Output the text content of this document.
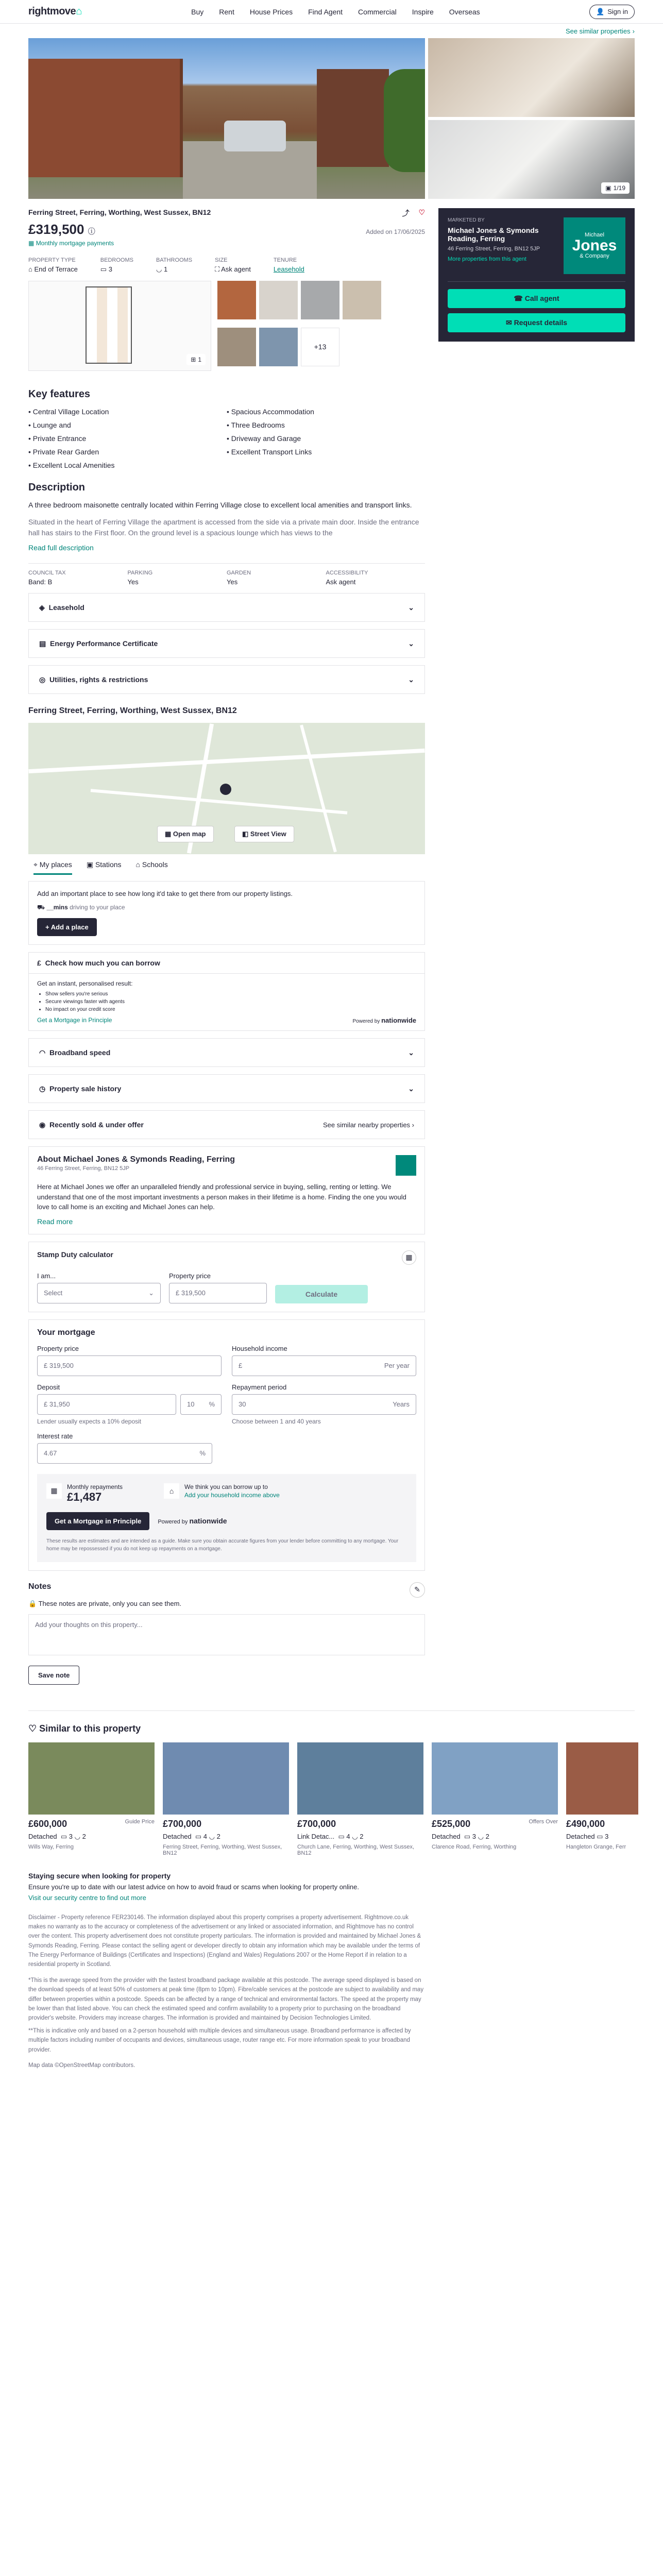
rightmove⌂	Buy Rent House Prices Find Agent Commercial Inspire Overseas	👤 Sign in
See similar properties ›
▣ 1/19
Ferring Street, Ferring, Worthing, West Sussex, BN12	⤴ ♡
£319,500 ⓘ	Added on 17/06/2025
▦ Monthly mortgage payments
PROPERTY TYPE
⌂ End of Terrace
BEDROOMS
▭ 3
BATHROOMS
◡ 1
SIZE
⛶ Ask agent
TENURE
Leasehold
⊞ 1
+13
Key features
• Central Village Location	• Spacious Accommodation
• Lounge and	• Three Bedrooms
• Private Entrance	• Driveway and Garage
• Private Rear Garden	• Excellent Transport Links
• Excellent Local Amenities
Description

A three bedroom maisonette centrally located within Ferring Village close to excellent local amenities and transport links.

Situated in the heart of Ferring Village the apartment is accessed from the side via a private main door. Inside the entrance hall has stairs to the First floor. On the ground level is a spacious lounge which has views to the

Read full description
COUNCIL TAX
Band: B
PARKING
Yes
GARDEN
Yes
ACCESSIBILITY
Ask agent
◈ Leasehold	⌄
▤ Energy Performance Certificate	⌄
◎ Utilities, rights & restrictions	⌄
Ferring Street, Ferring, Worthing, West Sussex, BN12
▦ Open map	◧ Street View
⌖ My places ▣ Stations ⌂ Schools
Add an important place to see how long it'd take to get there from our property listings.
⛟ __mins driving to your place
+ Add a place
£ Check how much you can borrow
Get an instant, personalised result:
• Show sellers you're serious
• Secure viewings faster with agents
• No impact on your credit score
Get a Mortgage in Principle	Powered by nationwide
◠ Broadband speed	⌄
◷ Property sale history	⌄
◉ Recently sold & under offer	See similar nearby properties ›
About Michael Jones & Symonds Reading, Ferring
46 Ferring Street, Ferring, BN12 5JP

Here at Michael Jones we offer an unparalleled friendly and professional service in buying, selling, renting or letting. We understand that one of the most important investments a person makes in their lifetime is a home. Finding the one you would love to call home is an exciting and Michael Jones can help.

Read more
Stamp Duty calculator	▦
I am...
Select	⌄
Property price
£ 319,500	Calculate
Your mortgage
Property price
£ 319,500
Household income
£	Per year
Deposit
£ 31,950	10 %
Lender usually expects a 10% deposit
Repayment period
30	Years
Choose between 1 and 40 years
Interest rate
4.67	%
▦	Monthly repayments
£1,487	⌂	We think you can borrow up to
Add your household income above
Get a Mortgage in Principle	Powered by nationwide
These results are estimates and are intended as a guide. Make sure you obtain accurate figures from your lender before committing to any mortgage. Your home may be repossessed if you do not keep up repayments on a mortgage.
Notes	✎
🔒 These notes are private, only you can see them.
Add your thoughts on this property...
Save note
MARKETED BY
Michael Jones & Symonds Reading, Ferring
46 Ferring Street, Ferring, BN12 5JP
More properties from this agent
Michael
Jones
& Company
☎
Call agent
✉
Request details
♡ Similar to this property
£600,000	Guide Price
Detached  ▭ 3 ◡ 2
Wills Way, Ferring
£700,000
Detached  ▭ 4 ◡ 2
Ferring Street, Ferring, Worthing, West Sussex, BN12
£700,000
Link Detac...  ▭ 4 ◡ 2
Church Lane, Ferring, Worthing, West Sussex, BN12
£525,000	Offers Over
Detached  ▭ 3 ◡ 2
Clarence Road, Ferring, Worthing
£490,000
Detached ▭ 3
Hangleton Grange, Ferr
Staying secure when looking for property
Ensure you're up to date with our latest advice on how to avoid fraud or scams when looking for property online.
Visit our security centre to find out more

Disclaimer - Property reference FER230146. The information displayed about this property comprises a property advertisement. Rightmove.co.uk makes no warranty as to the accuracy or completeness of the advertisement or any linked or associated information, and Rightmove has no control over the content. This property advertisement does not constitute property particulars. The information is provided and maintained by Michael Jones & Symonds Reading, Ferring. Please contact the selling agent or developer directly to obtain any information which may be available under the terms of The Energy Performance of Buildings (Certificates and Inspections) (England and Wales) Regulations 2007 or the Home Report if in relation to a residential property in Scotland.

*This is the average speed from the provider with the fastest broadband package available at this postcode. The average speed displayed is based on the download speeds of at least 50% of customers at peak time (8pm to 10pm). Fibre/cable services at the postcode are subject to availability and may differ between properties within a postcode. Speeds can be affected by a range of technical and environmental factors. The speed at the property may be lower than that listed above. You can check the estimated speed and confirm availability to a property prior to purchasing on the broadband provider's website. Providers may increase charges. The information is provided and maintained by Decision Technologies Limited.

**This is indicative only and based on a 2-person household with multiple devices and simultaneous usage. Broadband performance is affected by multiple factors including number of occupants and devices, simultaneous usage, router range etc. For more information speak to your broadband provider.

Map data ©OpenStreetMap contributors.
